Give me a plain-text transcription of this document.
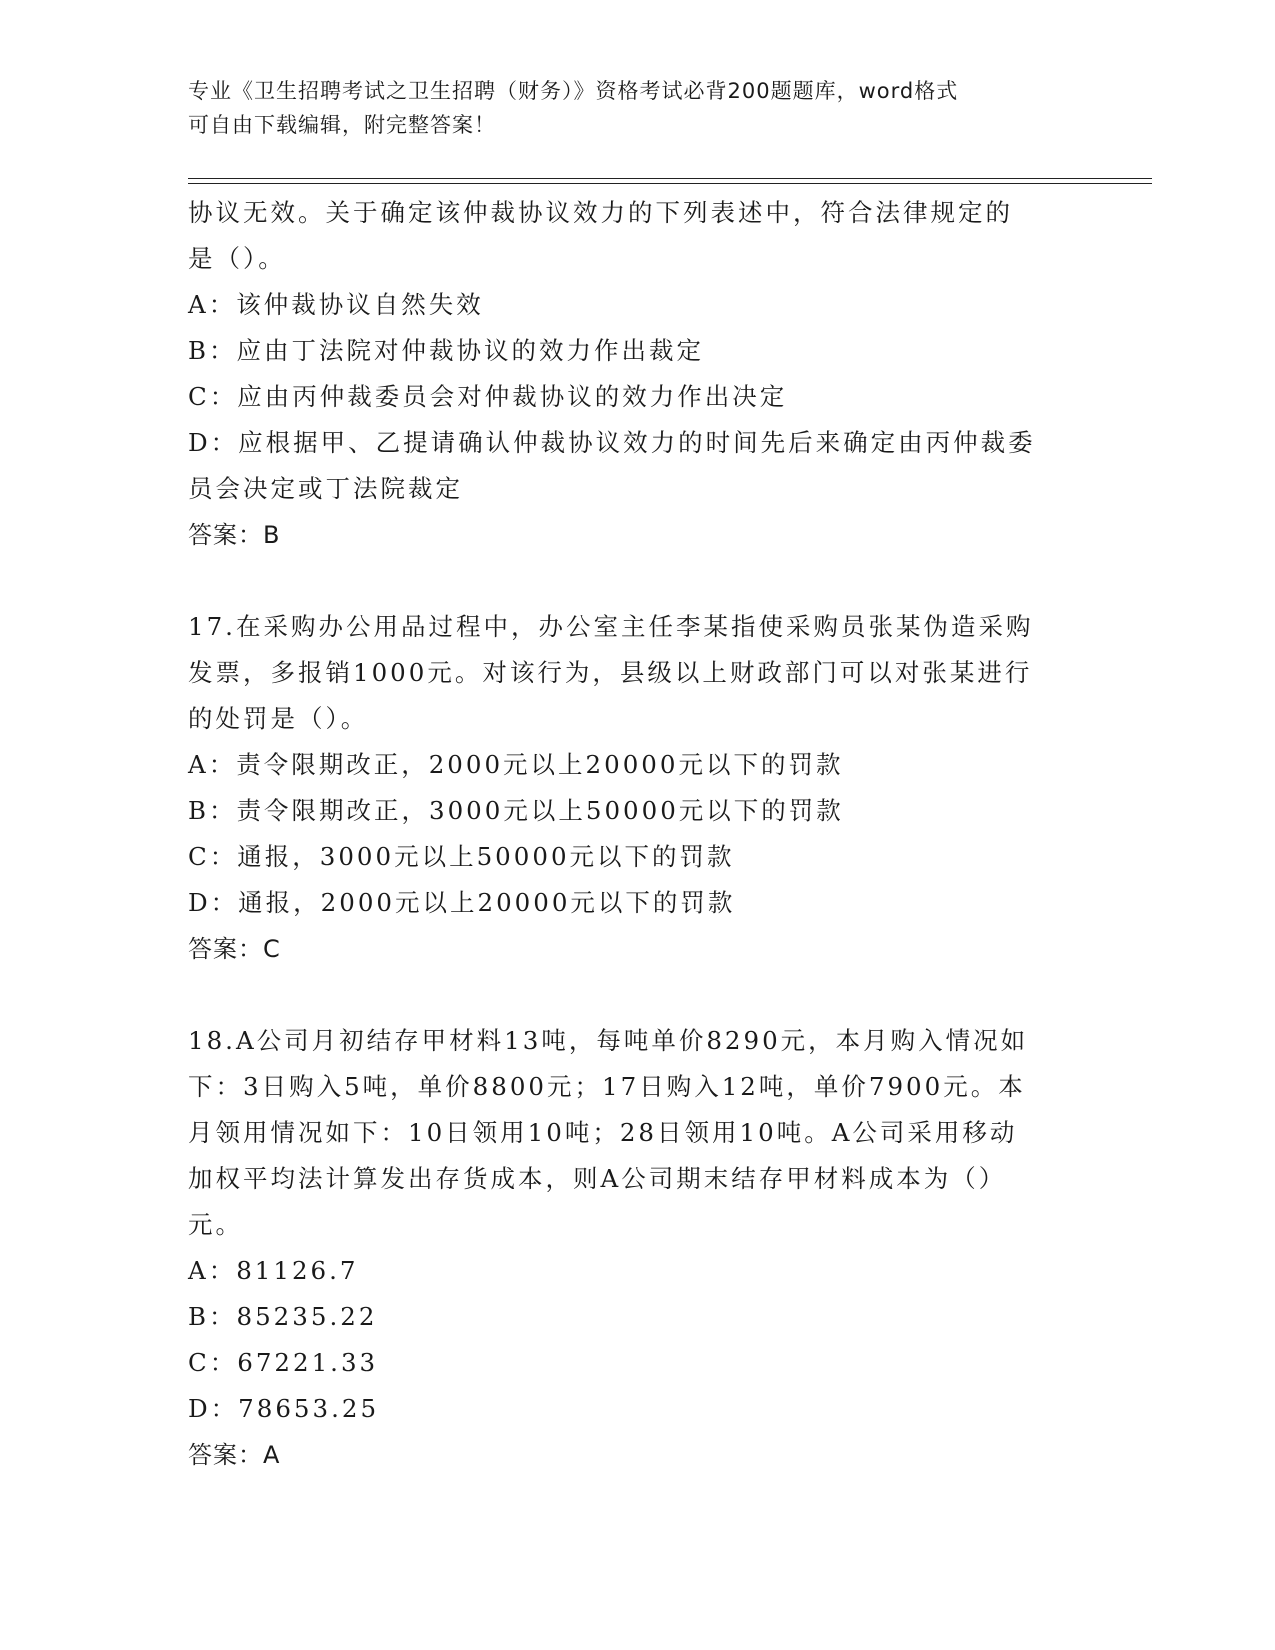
专业《卫生招聘考试之卫生招聘（财务）》资格考试必背200题题库，word格式
可自由下载编辑，附完整答案！
协议无效。关于确定该仲裁协议效力的下列表述中，符合法律规定的
是（）。
A：该仲裁协议自然失效
B：应由丁法院对仲裁协议的效力作出裁定
C：应由丙仲裁委员会对仲裁协议的效力作出决定
D：应根据甲、乙提请确认仲裁协议效力的时间先后来确定由丙仲裁委
员会决定或丁法院裁定
答案：B
17.在采购办公用品过程中，办公室主任李某指使采购员张某伪造采购
发票，多报销1000元。对该行为，县级以上财政部门可以对张某进行
的处罚是（）。
A：责令限期改正，2000元以上20000元以下的罚款
B：责令限期改正，3000元以上50000元以下的罚款
C：通报，3000元以上50000元以下的罚款
D：通报，2000元以上20000元以下的罚款
答案：C
18.A公司月初结存甲材料13吨，每吨单价8290元，本月购入情况如
下：3日购入5吨，单价8800元；17日购入12吨，单价7900元。本
月领用情况如下：10日领用10吨；28日领用10吨。A公司采用移动
加权平均法计算发出存货成本，则A公司期末结存甲材料成本为（）
元。
A：81126.7
B：85235.22
C：67221.33
D：78653.25
答案：A
